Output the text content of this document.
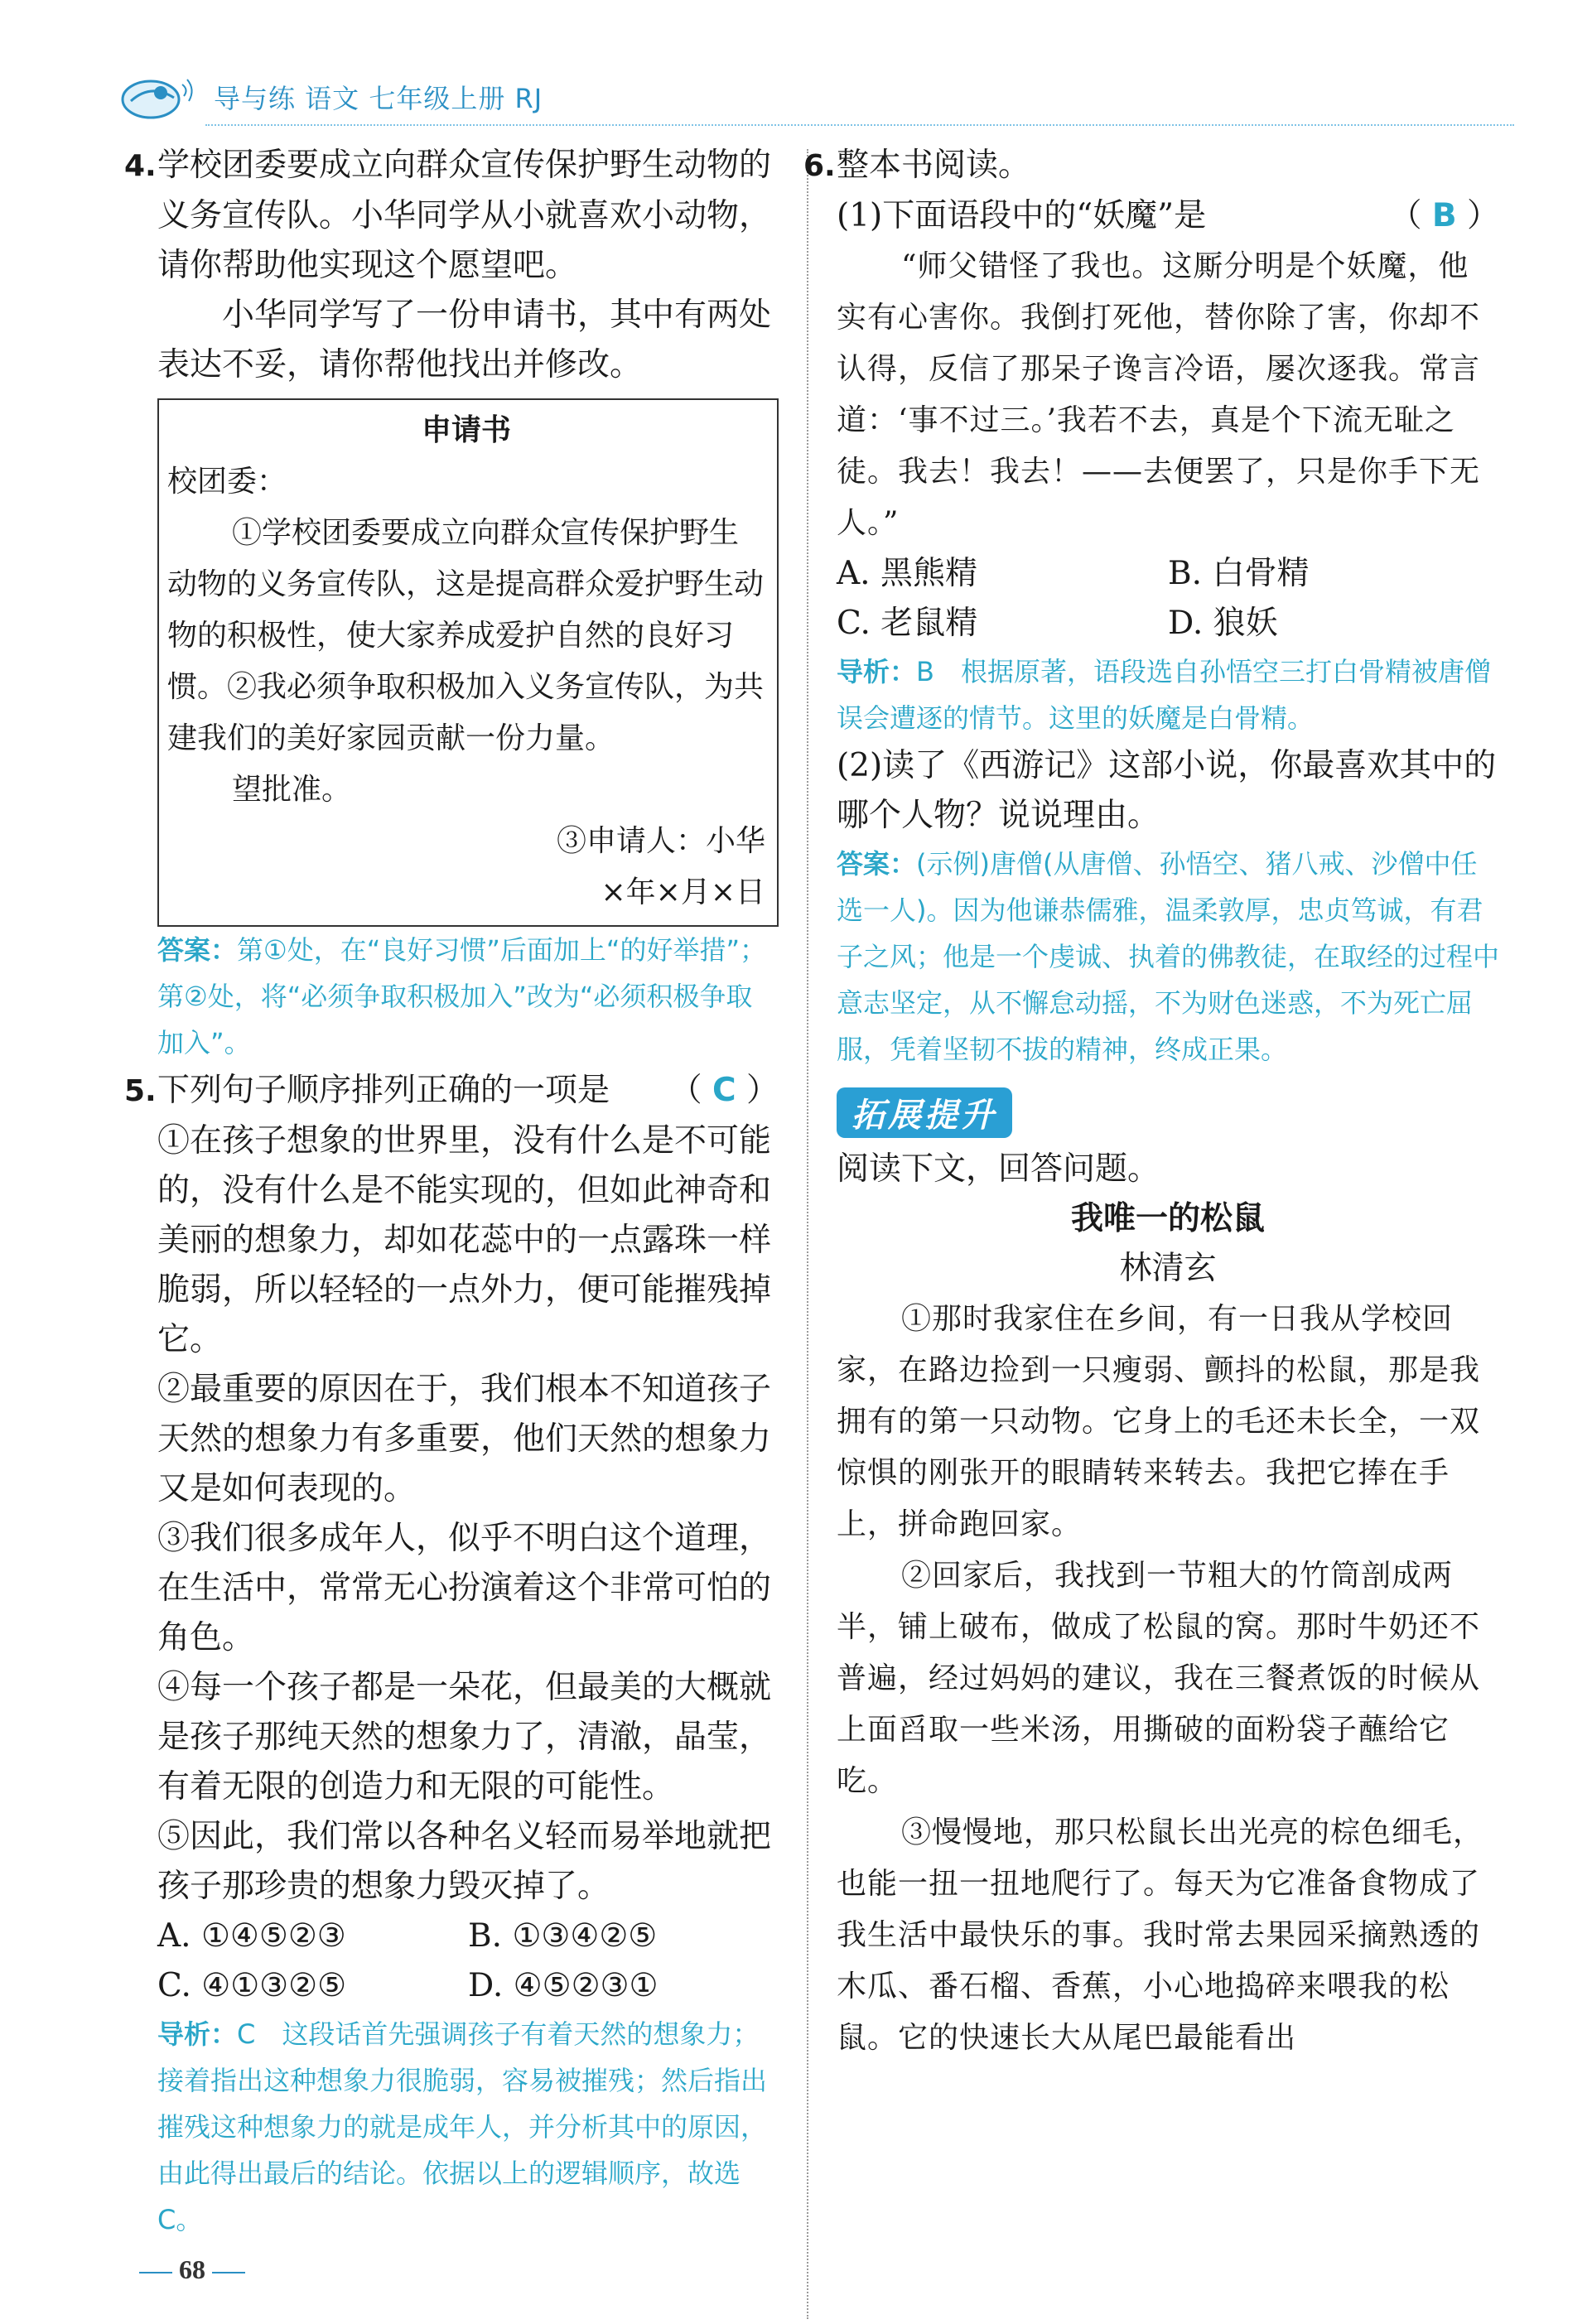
导与练 语文 七年级上册 RJ

4.学校团委要成立向群众宣传保护野生动物的义务宣传队。小华同学从小就喜欢小动物，请你帮助他实现这个愿望吧。

小华同学写了一份申请书，其中有两处表达不妥，请你帮他找出并修改。

申请书

校团委：

①学校团委要成立向群众宣传保护野生动物的义务宣传队，这是提高群众爱护野生动物的积极性，使大家养成爱护自然的良好习惯。②我必须争取积极加入义务宣传队，为共建我们的美好家园贡献一份力量。

望批准。

③申请人：小华

×年×月×日

答案：第①处，在“良好习惯”后面加上“的好举措”；第②处，将“必须争取积极加入”改为“必须积极争取加入”。

5.下列句子顺序排列正确的一项是 （ C ）

①在孩子想象的世界里，没有什么是不可能的，没有什么是不能实现的，但如此神奇和美丽的想象力，却如花蕊中的一点露珠一样脆弱，所以轻轻的一点外力，便可能摧残掉它。

②最重要的原因在于，我们根本不知道孩子天然的想象力有多重要，他们天然的想象力又是如何表现的。

③我们很多成年人，似乎不明白这个道理，在生活中，常常无心扮演着这个非常可怕的角色。

④每一个孩子都是一朵花，但最美的大概就是孩子那纯天然的想象力了，清澈，晶莹，有着无限的创造力和无限的可能性。

⑤因此，我们常以各种名义轻而易举地就把孩子那珍贵的想象力毁灭掉了。

A. ①④⑤②③	B. ①③④②⑤
C. ④①③②⑤	D. ④⑤②③①

导析：C　这段话首先强调孩子有着天然的想象力；接着指出这种想象力很脆弱，容易被摧残；然后指出摧残这种想象力的就是成年人，并分析其中的原因，由此得出最后的结论。依据以上的逻辑顺序，故选C。

6.整本书阅读。

(1)下面语段中的“妖魔”是	（ B ）

“师父错怪了我也。这厮分明是个妖魔，他实有心害你。我倒打死他，替你除了害，你却不认得，反信了那呆子谗言冷语，屡次逐我。常言道：‘事不过三。’我若不去，真是个下流无耻之徒。我去！我去！——去便罢了，只是你手下无人。”

A. 黑熊精	B. 白骨精
C. 老鼠精	D. 狼妖

导析：B　根据原著，语段选自孙悟空三打白骨精被唐僧误会遭逐的情节。这里的妖魔是白骨精。

(2)读了《西游记》这部小说，你最喜欢其中的哪个人物？说说理由。

答案：(示例)唐僧(从唐僧、孙悟空、猪八戒、沙僧中任选一人)。因为他谦恭儒雅，温柔敦厚，忠贞笃诚，有君子之风；他是一个虔诚、执着的佛教徒，在取经的过程中意志坚定，从不懈怠动摇，不为财色迷惑，不为死亡屈服，凭着坚韧不拔的精神，终成正果。

拓展提升

阅读下文，回答问题。

我唯一的松鼠

林清玄

①那时我家住在乡间，有一日我从学校回家，在路边捡到一只瘦弱、颤抖的松鼠，那是我拥有的第一只动物。它身上的毛还未长全，一双惊惧的刚张开的眼睛转来转去。我把它捧在手上，拼命跑回家。

②回家后，我找到一节粗大的竹筒剖成两半，铺上破布，做成了松鼠的窝。那时牛奶还不普遍，经过妈妈的建议，我在三餐煮饭的时候从上面舀取一些米汤，用撕破的面粉袋子蘸给它吃。

③慢慢地，那只松鼠长出光亮的棕色细毛，也能一扭一扭地爬行了。每天为它准备食物成了我生活中最快乐的事。我时常去果园采摘熟透的木瓜、番石榴、香蕉，小心地捣碎来喂我的松鼠。它的快速长大从尾巴最能看出

68
